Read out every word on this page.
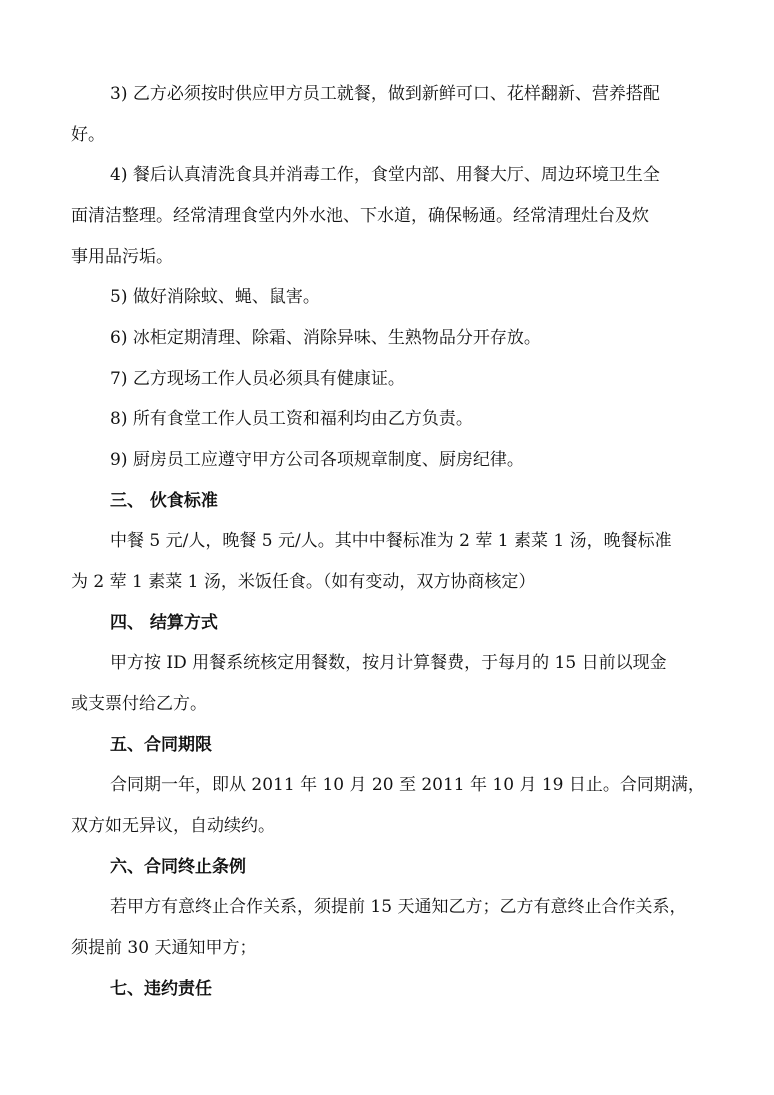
3) 乙方必须按时供应甲方员工就餐，做到新鲜可口、花样翻新、营养搭配
好。
4) 餐后认真清洗食具并消毒工作，食堂内部、用餐大厅、周边环境卫生全
面清洁整理。经常清理食堂内外水池、下水道，确保畅通。经常清理灶台及炊
事用品污垢。
5) 做好消除蚊、蝇、鼠害。
6) 冰柜定期清理、除霜、消除异味、生熟物品分开存放。
7) 乙方现场工作人员必须具有健康证。
8) 所有食堂工作人员工资和福利均由乙方负责。
9) 厨房员工应遵守甲方公司各项规章制度、厨房纪律。
三、 伙食标准
中餐 5 元/人，晚餐 5 元/人。其中中餐标准为 2 荤 1 素菜 1 汤，晚餐标准
为 2 荤 1 素菜 1 汤，米饭任食。（如有变动，双方协商核定）
四、 结算方式
甲方按 ID 用餐系统核定用餐数，按月计算餐费，于每月的 15 日前以现金
或支票付给乙方。
五、合同期限
合同期一年，即从 2011 年 10 月 20 至 2011 年 10 月 19 日止。合同期满，
双方如无异议，自动续约。
六、合同终止条例
若甲方有意终止合作关系，须提前 15 天通知乙方；乙方有意终止合作关系，
须提前 30 天通知甲方；
七、违约责任
